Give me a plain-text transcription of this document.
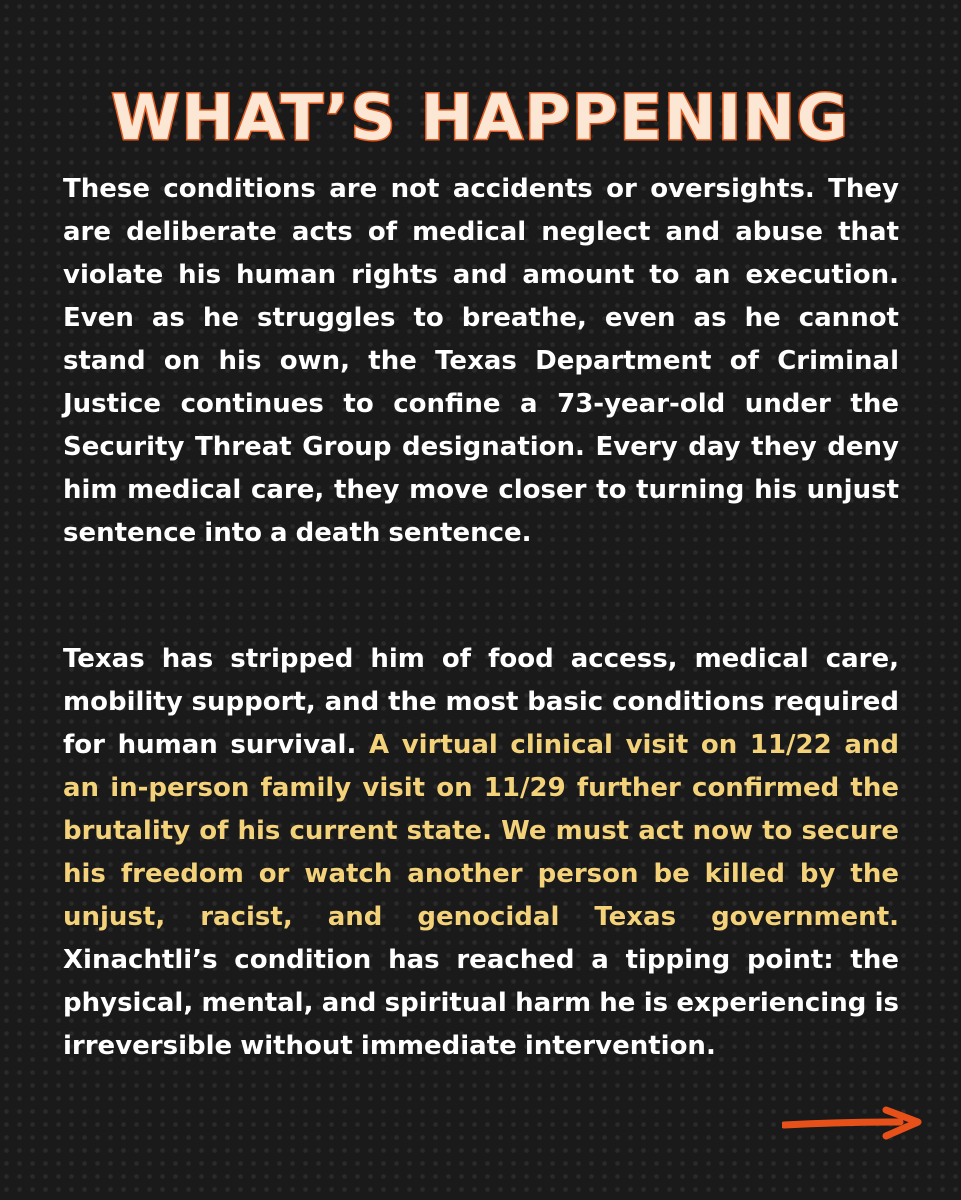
WHAT’S HAPPENING

These conditions are not accidents or oversights. They are deliberate acts of medical neglect and abuse that violate his human rights and amount to an execution. Even as he struggles to breathe, even as he cannot stand on his own, the Texas Department of Criminal Justice continues to confine a 73-year-old under the Security Threat Group designation. Every day they deny him medical care, they move closer to turning his unjust sentence into a death sentence.

Texas has stripped him of food access, medical care, mobility support, and the most basic conditions required for human survival. A virtual clinical visit on 11/22 and an in-person family visit on 11/29 further confirmed the brutality of his current state. We must act now to secure his freedom or watch another person be killed by the unjust, racist, and genocidal Texas government. Xinachtli’s condition has reached a tipping point: the physical, mental, and spiritual harm he is experiencing is irreversible without immediate intervention.
